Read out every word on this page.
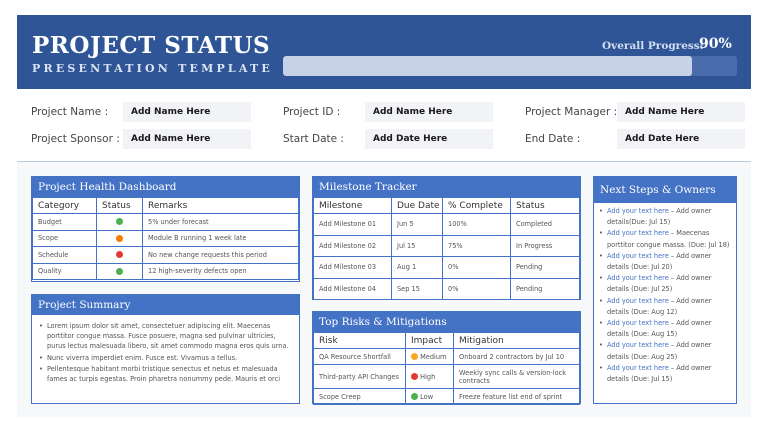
PROJECT STATUS
PRESENTATION TEMPLATE
Overall Progress:
90%
Project Name :	Add Name Here
Project Sponsor :	Add Name Here
Project ID :	Add Name Here
Start Date :	Add Date Here
Project Manager : Add Name Here
End Date :	Add Date Here
Project Health Dashboard
Category	Status	Remarks
Budget		5% under forecast
Scope		Module B running 1 week late
Schedule		No new change requests this period
Quality		12 high-severity defects open
Project Summary
• Lorem ipsum dolor sit amet, consectetuer adipiscing elit. Maecenas porttitor congue massa. Fusce posuere, magna sed pulvinar ultricies, purus lectus malesuada libero, sit amet commodo magna eros quis urna.
• Nunc viverra imperdiet enim. Fusce est. Vivamus a tellus.
• Pellentesque habitant morbi tristique senectus et netus et malesuada fames ac turpis egestas. Proin pharetra nonummy pede. Mauris et orci
Milestone Tracker
Milestone	Due Date	% Complete	Status
Add Milestone 01	Jun 5	100%	Completed
Add Milestone 02	Jul 15	75%	In Progress
Add Milestone 03	Aug 1	0%	Pending
Add Milestone 04	Sep 15	0%	Pending
Top Risks & Mitigations
Risk	Impact	Mitigation
QA Resource Shortfall	Medium	Onboard 2 contractors by Jul 10
Third-party API Changes	High	Weekly sync calls & version-lock contracts
Scope Creep	Low	Freeze feature list end of sprint
Next Steps & Owners
• Add your text here – Add owner details(Due: Jul 15)
• Add your text here – Maecenas porttitor congue massa. (Due: Jul 18)
• Add your text here – Add owner details (Due: Jul 20)
• Add your text here – Add owner details (Due: Jul 25)
• Add your text here – Add owner details (Due: Aug 12)
• Add your text here – Add owner details (Due: Aug 15)
• Add your text here – Add owner details (Due: Aug 25)
• Add your text here – Add owner details (Due: Jul 15)
